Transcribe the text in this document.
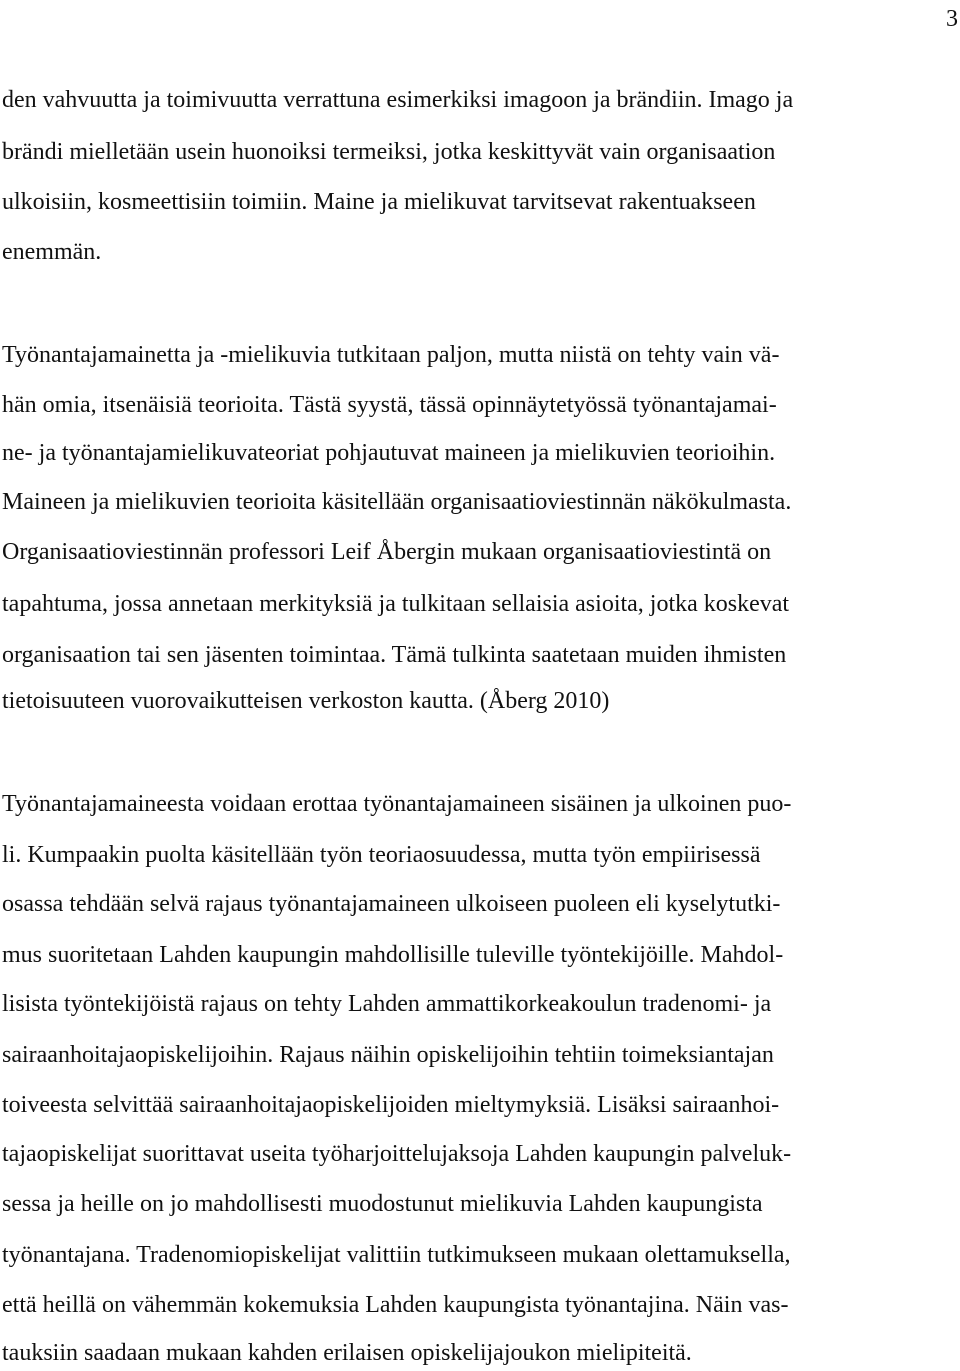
3

den vahvuutta ja toimivuutta verrattuna esimerkiksi imagoon ja brändiin. Imago ja

brändi mielletään usein huonoiksi termeiksi, jotka keskittyvät vain organisaation

ulkoisiin, kosmeettisiin toimiin. Maine ja mielikuvat tarvitsevat rakentuakseen

enemmän.

Työnantajamainetta ja -mielikuvia tutkitaan paljon, mutta niistä on tehty vain vä-

hän omia, itsenäisiä teorioita. Tästä syystä, tässä opinnäytetyössä työnantajamai-

ne- ja työnantajamielikuvateoriat pohjautuvat maineen ja mielikuvien teorioihin.

Maineen ja mielikuvien teorioita käsitellään organisaatioviestinnän näkökulmasta.

Organisaatioviestinnän professori Leif Åbergin mukaan organisaatioviestintä on

tapahtuma, jossa annetaan merkityksiä ja tulkitaan sellaisia asioita, jotka koskevat

organisaation tai sen jäsenten toimintaa. Tämä tulkinta saatetaan muiden ihmisten

tietoisuuteen vuorovaikutteisen verkoston kautta. (Åberg 2010)

Työnantajamaineesta voidaan erottaa työnantajamaineen sisäinen ja ulkoinen puo-

li. Kumpaakin puolta käsitellään työn teoriaosuudessa, mutta työn empiirisessä

osassa tehdään selvä rajaus työnantajamaineen ulkoiseen puoleen eli kyselytutki-

mus suoritetaan Lahden kaupungin mahdollisille tuleville työntekijöille. Mahdol-

lisista työntekijöistä rajaus on tehty Lahden ammattikorkeakoulun tradenomi- ja

sairaanhoitajaopiskelijoihin. Rajaus näihin opiskelijoihin tehtiin toimeksiantajan

toiveesta selvittää sairaanhoitajaopiskelijoiden mieltymyksiä. Lisäksi sairaanhoi-

tajaopiskelijat suorittavat useita työharjoittelujaksoja Lahden kaupungin palveluk-

sessa ja heille on jo mahdollisesti muodostunut mielikuvia Lahden kaupungista

työnantajana. Tradenomiopiskelijat valittiin tutkimukseen mukaan olettamuksella,

että heillä on vähemmän kokemuksia Lahden kaupungista työnantajina. Näin vas-

tauksiin saadaan mukaan kahden erilaisen opiskelijajoukon mielipiteitä.
